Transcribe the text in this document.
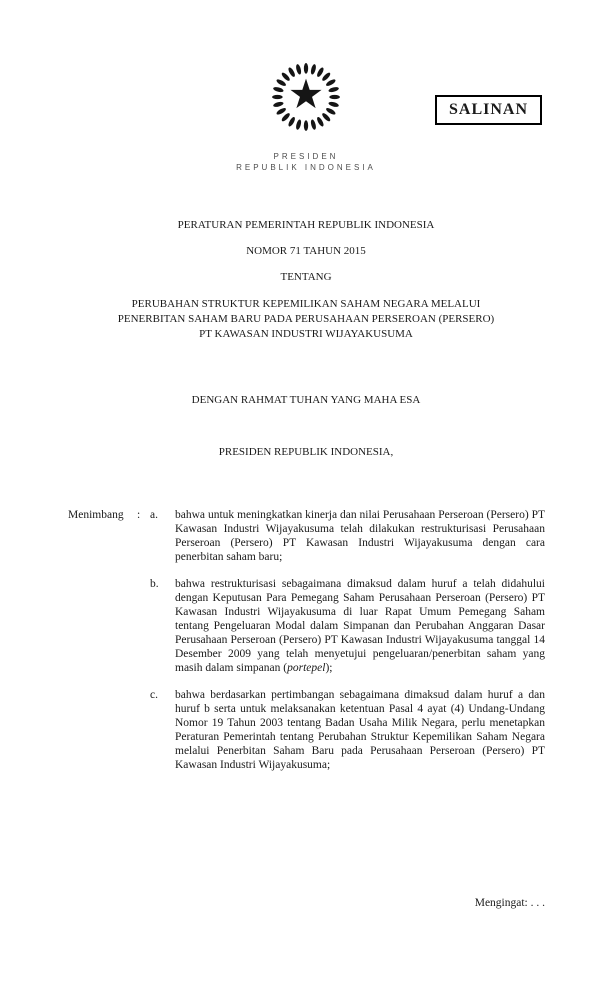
SALINAN
PRESIDEN
REPUBLIK INDONESIA
PERATURAN PEMERINTAH REPUBLIK INDONESIA
NOMOR 71 TAHUN 2015
TENTANG
PERUBAHAN STRUKTUR KEPEMILIKAN SAHAM NEGARA MELALUI
PENERBITAN SAHAM BARU PADA PERUSAHAAN PERSEROAN (PERSERO)
PT KAWASAN INDUSTRI WIJAYAKUSUMA
DENGAN RAHMAT TUHAN YANG MAHA ESA
PRESIDEN REPUBLIK INDONESIA,
Menimbang	: a.	bahwa untuk meningkatkan kinerja dan nilai Perusahaan Perseroan (Persero) PT Kawasan Industri Wijayakusuma telah dilakukan restrukturisasi Perusahaan Perseroan (Persero) PT Kawasan Industri Wijayakusuma dengan cara penerbitan saham baru;
b.	bahwa restrukturisasi sebagaimana dimaksud dalam huruf a telah didahului dengan Keputusan Para Pemegang Saham Perusahaan Perseroan (Persero) PT Kawasan Industri Wijayakusuma di luar Rapat Umum Pemegang Saham tentang Pengeluaran Modal dalam Simpanan dan Perubahan Anggaran Dasar Perusahaan Perseroan (Persero) PT Kawasan Industri Wijayakusuma tanggal 14 Desember 2009 yang telah menyetujui pengeluaran/penerbitan saham yang masih dalam simpanan (portepel);
c.	bahwa berdasarkan pertimbangan sebagaimana dimaksud dalam huruf a dan huruf b serta untuk melaksanakan ketentuan Pasal 4 ayat (4) Undang-Undang Nomor 19 Tahun 2003 tentang Badan Usaha Milik Negara, perlu menetapkan Peraturan Pemerintah tentang Perubahan Struktur Kepemilikan Saham Negara melalui Penerbitan Saham Baru pada Perusahaan Perseroan (Persero) PT Kawasan Industri Wijayakusuma;
Mengingat: . . .
